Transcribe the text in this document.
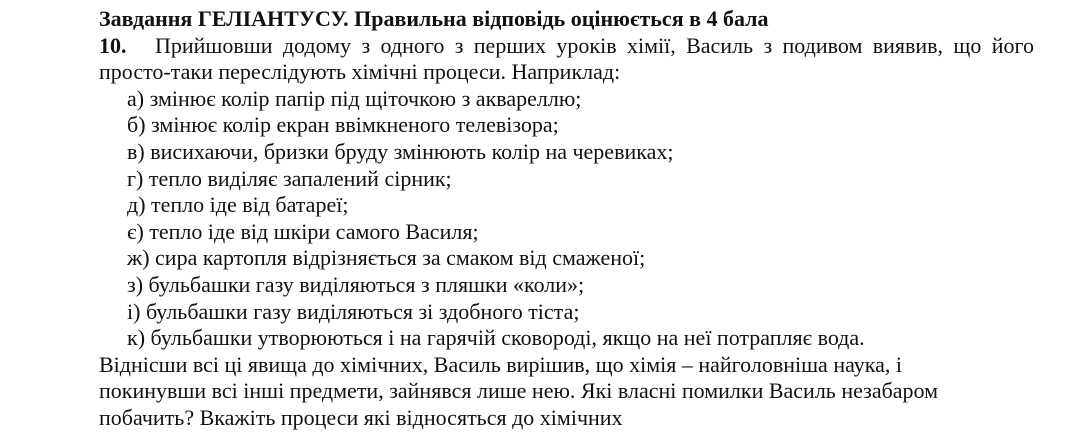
Завдання ГЕЛІАНТУСУ. Правильна відповідь оцінюється в 4 бала

10. Прийшовши додому з одного з перших уроків хімії, Василь з подивом виявив, що його просто-таки переслідують хімічні процеси. Наприклад:

а) змінює колір папір під щіточкою з аквареллю;
б) змінює колір екран ввімкненого телевізора;
в) висихаючи, бризки бруду змінюють колір на черевиках;
г) тепло виділяє запалений сірник;
д) тепло іде від батареї;
є) тепло іде від шкіри самого Василя;
ж) сира картопля відрізняється за смаком від смаженої;
з) бульбашки газу виділяються з пляшки «коли»;
і) бульбашки газу виділяються зі здобного тіста;
к) бульбашки утворюються і на гарячій сковороді, якщо на неї потрапляє вода.
Віднісши всі ці явища до хімічних, Василь вирішив, що хімія – найголовніша наука, і
покинувши всі інші предмети, зайнявся лише нею. Які власні помилки Василь незабаром
побачить? Вкажіть процеси які відносяться до хімічних
